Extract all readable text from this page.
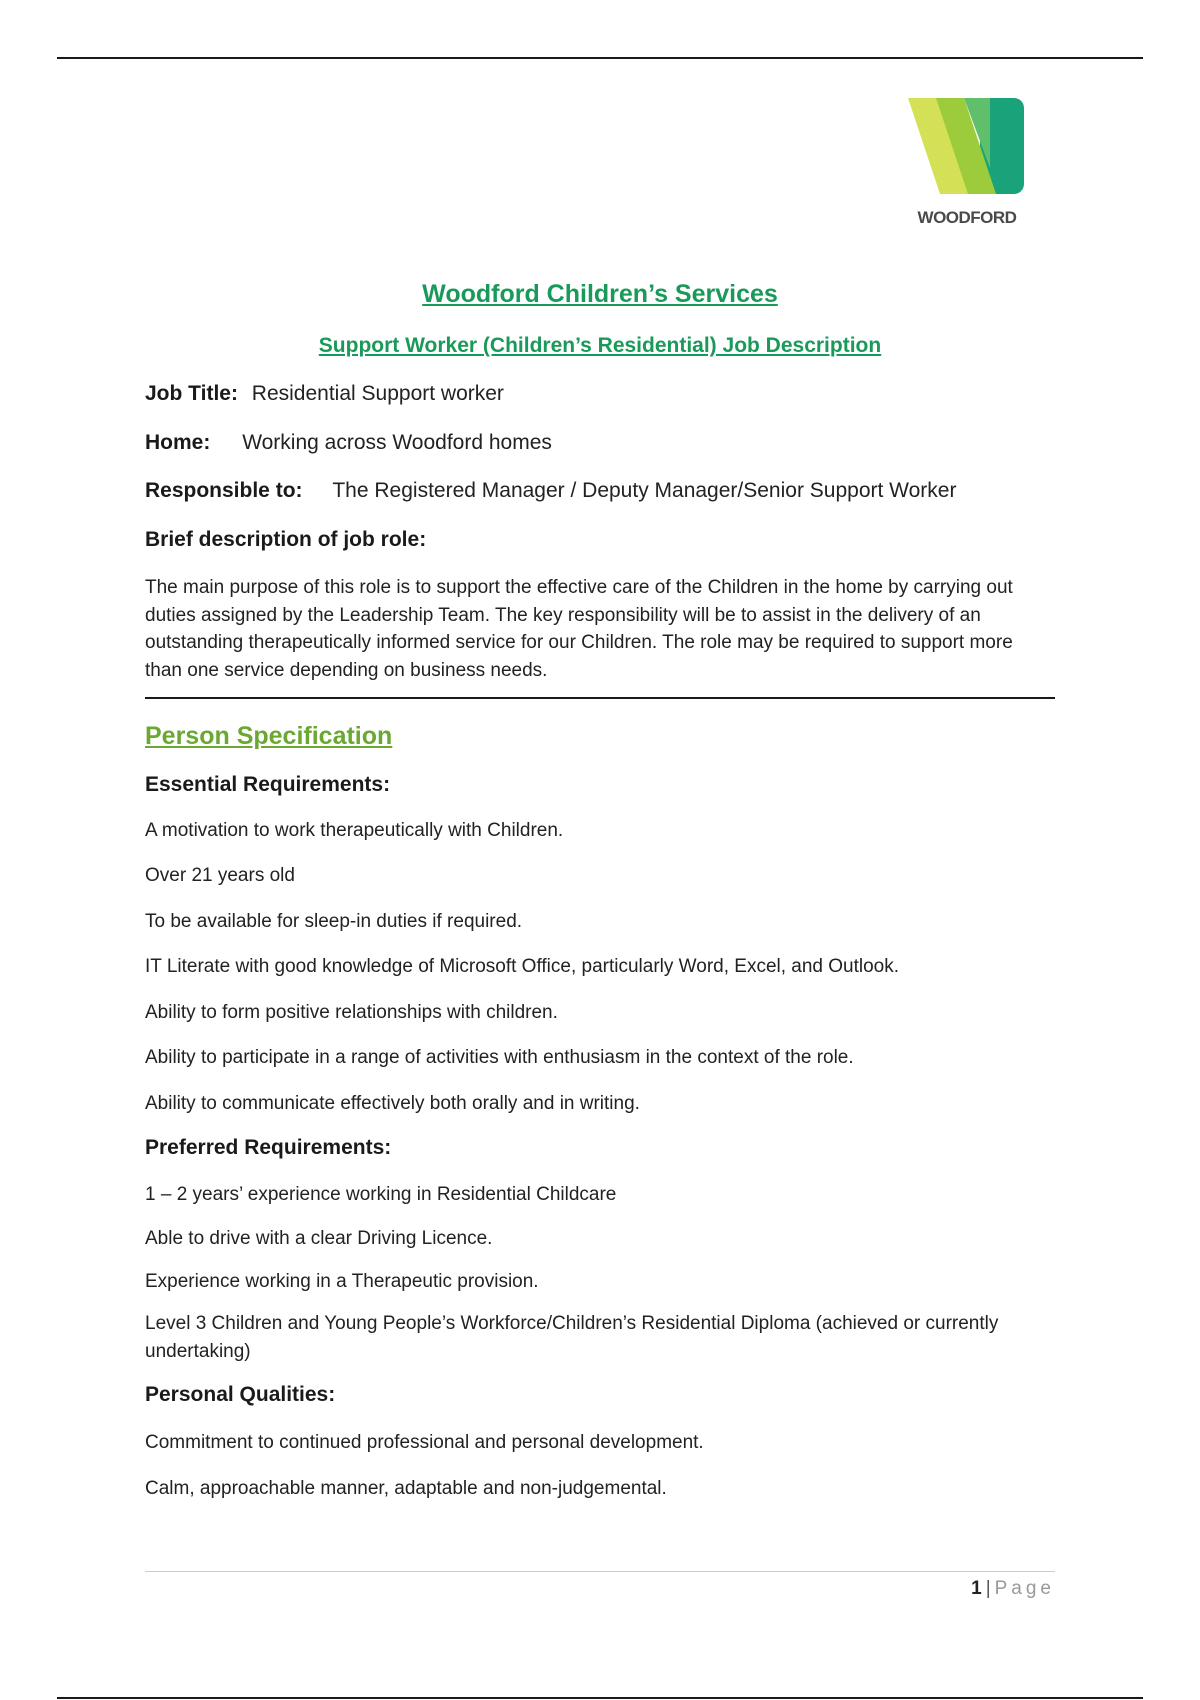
WOODFORD
Woodford Children’s Services
Support Worker (Children’s Residential) Job Description
Job Title: Residential Support worker
Home: Working across Woodford homes
Responsible to: The Registered Manager / Deputy Manager/Senior Support Worker
Brief description of job role:
The main purpose of this role is to support the effective care of the Children in the home by carrying out duties assigned by the Leadership Team. The key responsibility will be to assist in the delivery of an outstanding therapeutically informed service for our Children. The role may be required to support more than one service depending on business needs.
Person Specification
Essential Requirements:
A motivation to work therapeutically with Children.
Over 21 years old
To be available for sleep-in duties if required.
IT Literate with good knowledge of Microsoft Office, particularly Word, Excel, and Outlook.
Ability to form positive relationships with children.
Ability to participate in a range of activities with enthusiasm in the context of the role.
Ability to communicate effectively both orally and in writing.
Preferred Requirements:
1 – 2 years’ experience working in Residential Childcare
Able to drive with a clear Driving Licence.
Experience working in a Therapeutic provision.
Level 3 Children and Young People’s Workforce/Children’s Residential Diploma (achieved or currently undertaking)
Personal Qualities:
Commitment to continued professional and personal development.
Calm, approachable manner, adaptable and non-judgemental.
1 | Page
